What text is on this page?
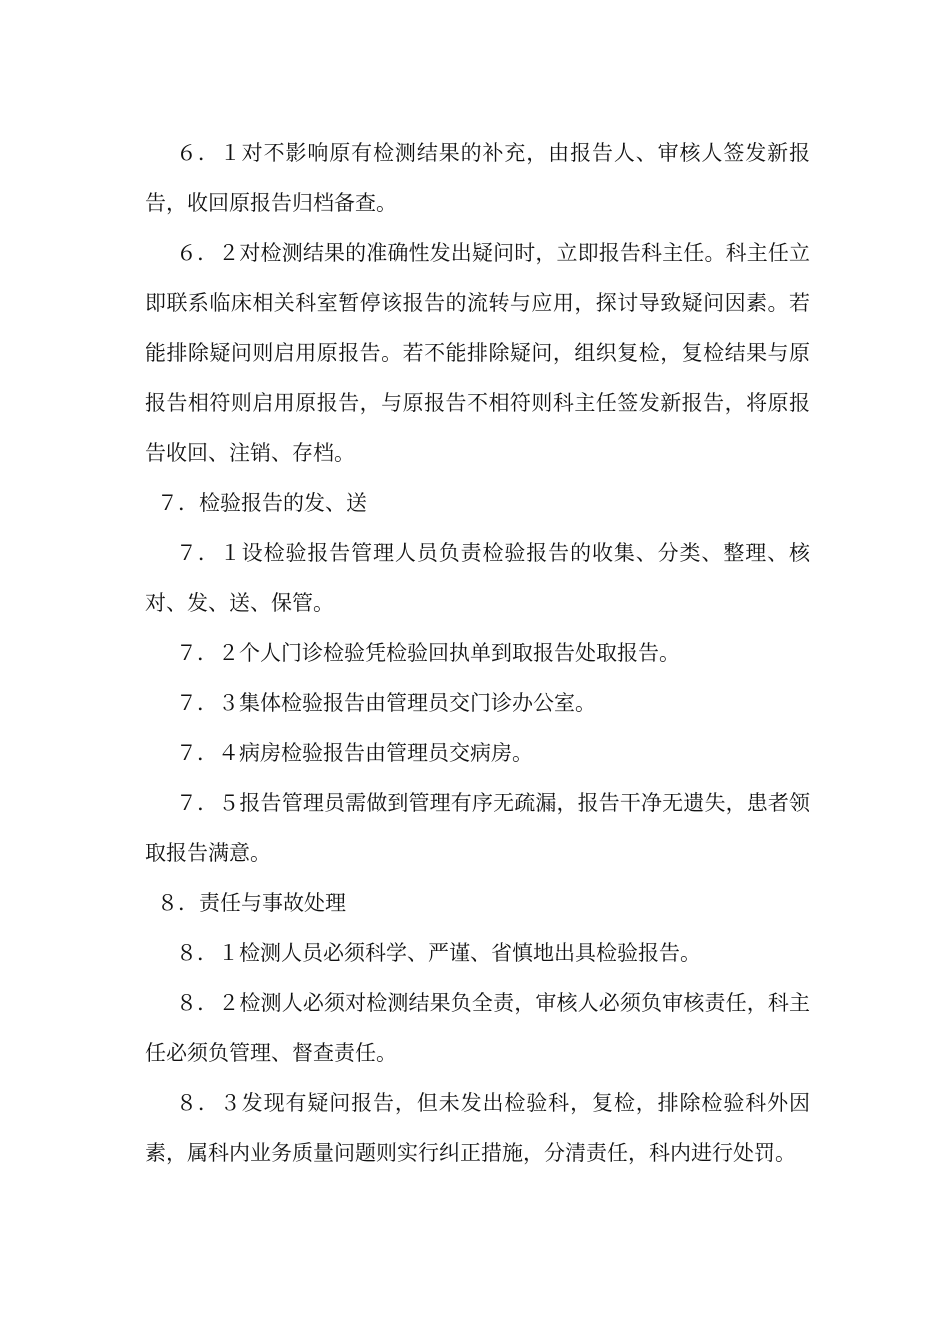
６．１对不影响原有检测结果的补充，由报告人、审核人签发新报告，收回原报告归档备查。

６．２对检测结果的准确性发出疑问时，立即报告科主任。科主任立即联系临床相关科室暂停该报告的流转与应用，探讨导致疑问因素。若能排除疑问则启用原报告。若不能排除疑问，组织复检，复检结果与原报告相符则启用原报告，与原报告不相符则科主任签发新报告，将原报告收回、注销、存档。

７．检验报告的发、送

７．１设检验报告管理人员负责检验报告的收集、分类、整理、核对、发、送、保管。

７．２个人门诊检验凭检验回执单到取报告处取报告。

７．３集体检验报告由管理员交门诊办公室。

７．４病房检验报告由管理员交病房。

７．５报告管理员需做到管理有序无疏漏，报告干净无遗失，患者领取报告满意。

８．责任与事故处理

８．１检测人员必须科学、严谨、省慎地出具检验报告。

８．２检测人必须对检测结果负全责，审核人必须负审核责任，科主任必须负管理、督查责任。

８．３发现有疑问报告，但未发出检验科，复检，排除检验科外因素，属科内业务质量问题则实行纠正措施，分清责任，科内进行处罚。
